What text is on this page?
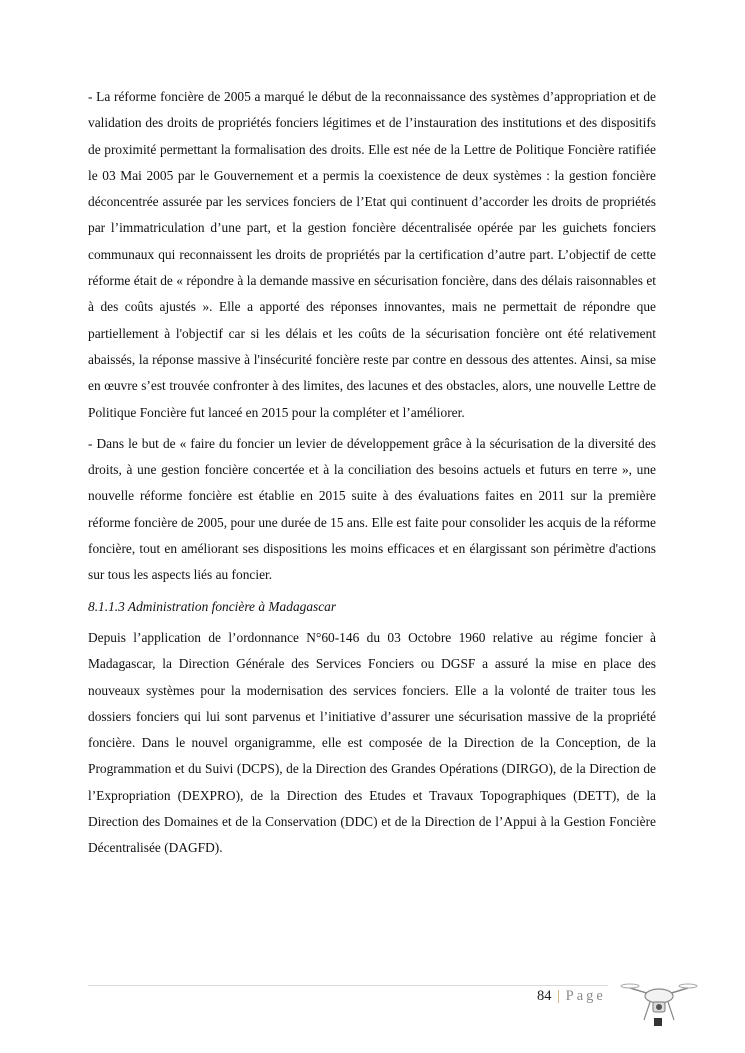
- La réforme foncière de 2005 a marqué le début de la reconnaissance des systèmes d’appropriation et de validation des droits de propriétés fonciers légitimes et de l’instauration des institutions et des dispositifs de proximité permettant la formalisation des droits. Elle est née de la Lettre de Politique Foncière ratifiée le 03 Mai 2005 par le Gouvernement et a permis la coexistence de deux systèmes : la gestion foncière déconcentrée assurée par les services fonciers de l’Etat qui continuent d’accorder les droits de propriétés par l’immatriculation d’une part, et la gestion foncière décentralisée opérée par les guichets fonciers communaux qui reconnaissent les droits de propriétés par la certification d’autre part. L’objectif de cette réforme était de « répondre à la demande massive en sécurisation foncière, dans des délais raisonnables et à des coûts ajustés ». Elle a apporté des réponses innovantes, mais ne permettait de répondre que partiellement à l'objectif car si les délais et les coûts de la sécurisation foncière ont été relativement abaissés, la réponse massive à l'insécurité foncière reste par contre en dessous des attentes. Ainsi, sa mise en œuvre s’est trouvée confronter à des limites, des lacunes et des obstacles, alors, une nouvelle Lettre de Politique Foncière fut lanceé en 2015 pour la compléter et l’améliorer.

- Dans le but de « faire du foncier un levier de développement grâce à la sécurisation de la diversité des droits, à une gestion foncière concertée et à la conciliation des besoins actuels et futurs en terre », une nouvelle réforme foncière est établie en 2015 suite à des évaluations faites en 2011 sur la première réforme foncière de 2005, pour une durée de 15 ans. Elle est faite pour consolider les acquis de la réforme foncière, tout en améliorant ses dispositions les moins efficaces et en élargissant son périmètre d'actions sur tous les aspects liés au foncier.

8.1.1.3 Administration foncière à Madagascar

Depuis l’application de l’ordonnance N°60-146 du 03 Octobre 1960 relative au régime foncier à Madagascar, la Direction Générale des Services Fonciers ou DGSF a assuré la mise en place des nouveaux systèmes pour la modernisation des services fonciers. Elle a la volonté de traiter tous les dossiers fonciers qui lui sont parvenus et l’initiative d’assurer une sécurisation massive de la propriété foncière. Dans le nouvel organigramme, elle est composée de la Direction de la Conception, de la Programmation et du Suivi (DCPS), de la Direction des Grandes Opérations (DIRGO), de la Direction de l’Expropriation (DEXPRO), de la Direction des Etudes et Travaux Topographiques (DETT), de la Direction des Domaines et de la Conservation (DDC) et de la Direction de l’Appui à la Gestion Foncière Décentralisée (DAGFD).

84 | Page
